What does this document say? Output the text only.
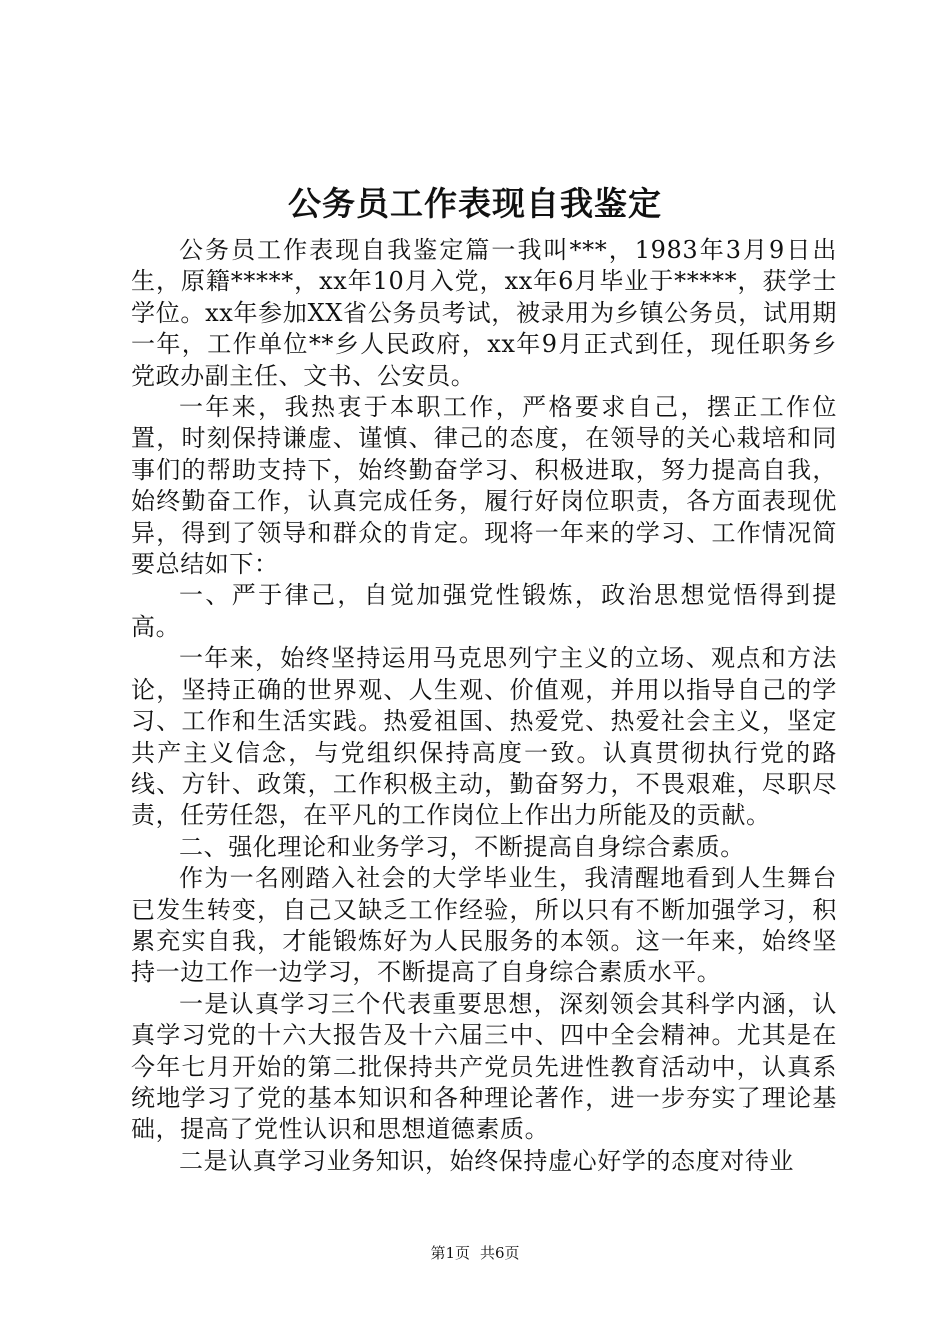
公务员工作表现自我鉴定

公务员工作表现自我鉴定篇一我叫***，1983年3月9日出生，原籍*****，xx年10月入党，xx年6月毕业于*****，获学士学位。xx年参加XX省公务员考试，被录用为乡镇公务员，试用期一年，工作单位**乡人民政府，xx年9月正式到任，现任职务乡党政办副主任、文书、公安员。

一年来，我热衷于本职工作，严格要求自己，摆正工作位置，时刻保持谦虚、谨慎、律己的态度，在领导的关心栽培和同事们的帮助支持下，始终勤奋学习、积极进取，努力提高自我，始终勤奋工作，认真完成任务，履行好岗位职责，各方面表现优异，得到了领导和群众的肯定。现将一年来的学习、工作情况简要总结如下：

一、严于律己，自觉加强党性锻炼，政治思想觉悟得到提高。

一年来，始终坚持运用马克思列宁主义的立场、观点和方法论，坚持正确的世界观、人生观、价值观，并用以指导自己的学习、工作和生活实践。热爱祖国、热爱党、热爱社会主义，坚定共产主义信念，与党组织保持高度一致。认真贯彻执行党的路线、方针、政策，工作积极主动，勤奋努力，不畏艰难，尽职尽责，任劳任怨，在平凡的工作岗位上作出力所能及的贡献。

二、强化理论和业务学习，不断提高自身综合素质。

作为一名刚踏入社会的大学毕业生，我清醒地看到人生舞台已发生转变，自己又缺乏工作经验，所以只有不断加强学习，积累充实自我，才能锻炼好为人民服务的本领。这一年来，始终坚持一边工作一边学习，不断提高了自身综合素质水平。

一是认真学习三个代表重要思想，深刻领会其科学内涵，认真学习党的十六大报告及十六届三中、四中全会精神。尤其是在今年七月开始的第二批保持共产党员先进性教育活动中，认真系统地学习了党的基本知识和各种理论著作，进一步夯实了理论基础，提高了党性认识和思想道德素质。

二是认真学习业务知识，始终保持虚心好学的态度对待业

第1页 共6页
